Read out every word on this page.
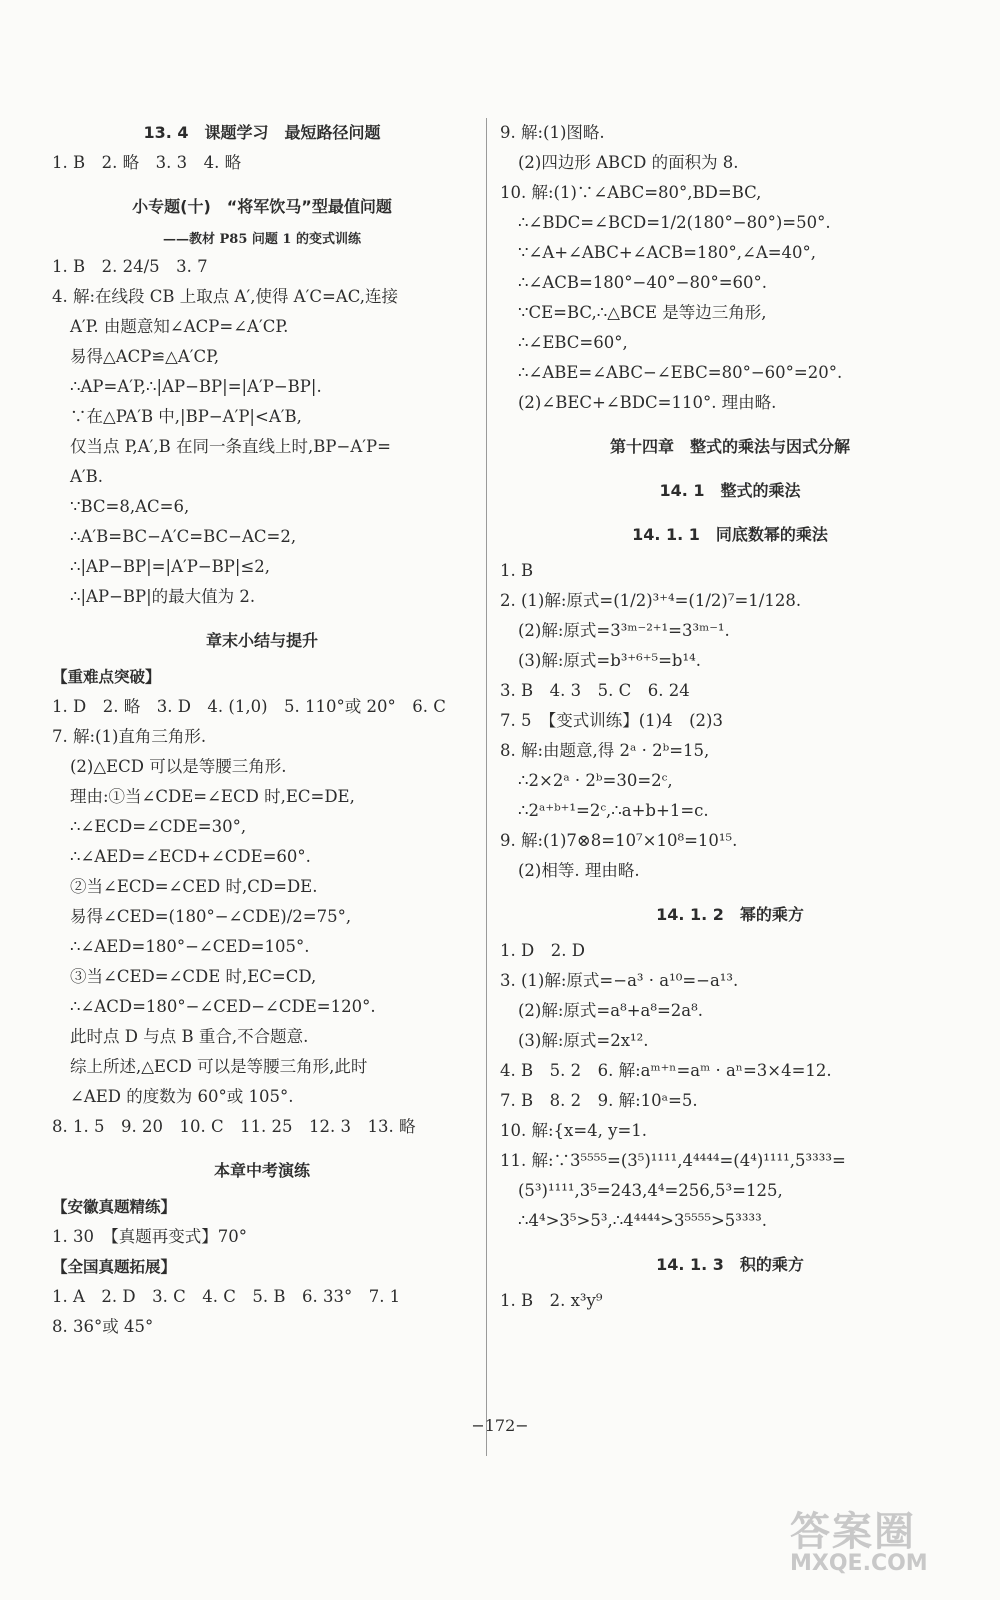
13. 4　课题学习　最短路径问题
1. B　2. 略　3. 3　4. 略
小专题(十)　“将军饮马”型最值问题
——教材 P85 问题 1 的变式训练
1. B　2. 24/5　3. 7
4. 解:在线段 CB 上取点 A′,使得 A′C=AC,连接
A′P. 由题意知∠ACP=∠A′CP.
易得△ACP≌△A′CP,
∴AP=A′P,∴|AP−BP|=|A′P−BP|.
∵在△PA′B 中,|BP−A′P|<A′B,
仅当点 P,A′,B 在同一条直线上时,BP−A′P=
A′B.
∵BC=8,AC=6,
∴A′B=BC−A′C=BC−AC=2,
∴|AP−BP|=|A′P−BP|≤2,
∴|AP−BP|的最大值为 2.
章末小结与提升
【重难点突破】
1. D　2. 略　3. D　4. (1,0)　5. 110°或 20°　6. C
7. 解:(1)直角三角形.
(2)△ECD 可以是等腰三角形.
理由:①当∠CDE=∠ECD 时,EC=DE,
∴∠ECD=∠CDE=30°,
∴∠AED=∠ECD+∠CDE=60°.
②当∠ECD=∠CED 时,CD=DE.
易得∠CED=(180°−∠CDE)/2=75°,
∴∠AED=180°−∠CED=105°.
③当∠CED=∠CDE 时,EC=CD,
∴∠ACD=180°−∠CED−∠CDE=120°.
此时点 D 与点 B 重合,不合题意.
综上所述,△ECD 可以是等腰三角形,此时
∠AED 的度数为 60°或 105°.
8. 1. 5　9. 20　10. C　11. 25　12. 3　13. 略
本章中考演练
【安徽真题精练】
1. 30　【真题再变式】70°
【全国真题拓展】
1. A　2. D　3. C　4. C　5. B　6. 33°　7. 1
8. 36°或 45°
9. 解:(1)图略.
(2)四边形 ABCD 的面积为 8.
10. 解:(1)∵∠ABC=80°,BD=BC,
∴∠BDC=∠BCD=1/2(180°−80°)=50°.
∵∠A+∠ABC+∠ACB=180°,∠A=40°,
∴∠ACB=180°−40°−80°=60°.
∵CE=BC,∴△BCE 是等边三角形,
∴∠EBC=60°,
∴∠ABE=∠ABC−∠EBC=80°−60°=20°.
(2)∠BEC+∠BDC=110°. 理由略.
第十四章　整式的乘法与因式分解
14. 1　整式的乘法
14. 1. 1　同底数幂的乘法
1. B
2. (1)解:原式=(1/2)³⁺⁴=(1/2)⁷=1/128.
(2)解:原式=3³ᵐ⁻²⁺¹=3³ᵐ⁻¹.
(3)解:原式=b³⁺⁶⁺⁵=b¹⁴.
3. B　4. 3　5. C　6. 24
7. 5　【变式训练】(1)4　(2)3
8. 解:由题意,得 2ᵃ · 2ᵇ=15,
∴2×2ᵃ · 2ᵇ=30=2ᶜ,
∴2ᵃ⁺ᵇ⁺¹=2ᶜ,∴a+b+1=c.
9. 解:(1)7⊗8=10⁷×10⁸=10¹⁵.
(2)相等. 理由略.
14. 1. 2　幂的乘方
1. D　2. D
3. (1)解:原式=−a³ · a¹⁰=−a¹³.
(2)解:原式=a⁸+a⁸=2a⁸.
(3)解:原式=2x¹².
4. B　5. 2　6. 解:aᵐ⁺ⁿ=aᵐ · aⁿ=3×4=12.
7. B　8. 2　9. 解:10ᵃ=5.
10. 解:{x=4, y=1.
11. 解:∵3⁵⁵⁵⁵=(3⁵)¹¹¹¹,4⁴⁴⁴⁴=(4⁴)¹¹¹¹,5³³³³=
(5³)¹¹¹¹,3⁵=243,4⁴=256,5³=125,
∴4⁴>3⁵>5³,∴4⁴⁴⁴⁴>3⁵⁵⁵⁵>5³³³³.
14. 1. 3　积的乘方
1. B　2. x³y⁹
−172−
答案圈
MXQE.COM
